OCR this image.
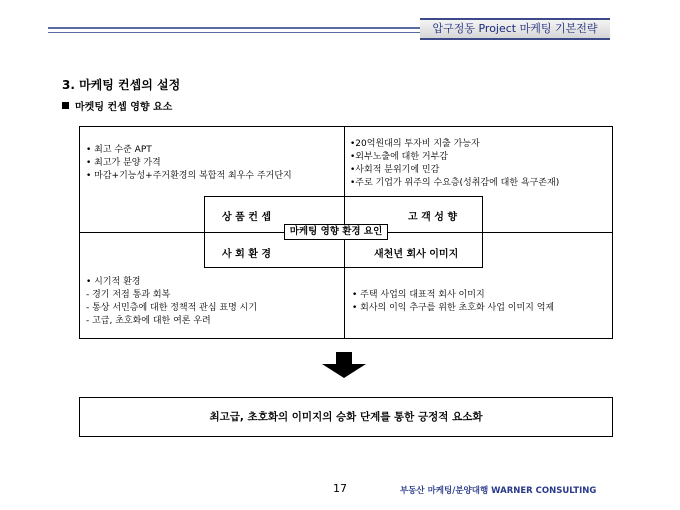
압구정동 Project 마케팅 기본전략
3. 마케팅 컨셉의 설정
마켓팅 컨셉 영향 요소
• 최고 수준 APT
• 최고가 분양 가격
• 마감+기능성+주거환경의 복합적 최우수 주거단지
•20억원대의 투자비 지출 가능자
•외부노출에 대한 거부감
•사회적 분위기에 민감
•주로 기업가 위주의 수요층(성취감에 대한 욕구존재)
• 시기적 환경
- 경기 저점 통과 회복
- 통상 서민층에 대한 정책적 관심 표명 시기
- 고급, 초호화에 대한 여론 우려
• 주택 사업의 대표적 회사 이미지
• 회사의 이익 추구를 위한 초호화 사업 이미지 억제
상 품 컨 셉	고 객 성 향
사 회 환 경	새천년 회사 이미지
마케팅 영향 환경 요인
최고급, 초호화의 이미지의 승화 단계를 통한 긍정적 요소화
17	부동산 마케팅/분양대행 WARNER CONSULTING
